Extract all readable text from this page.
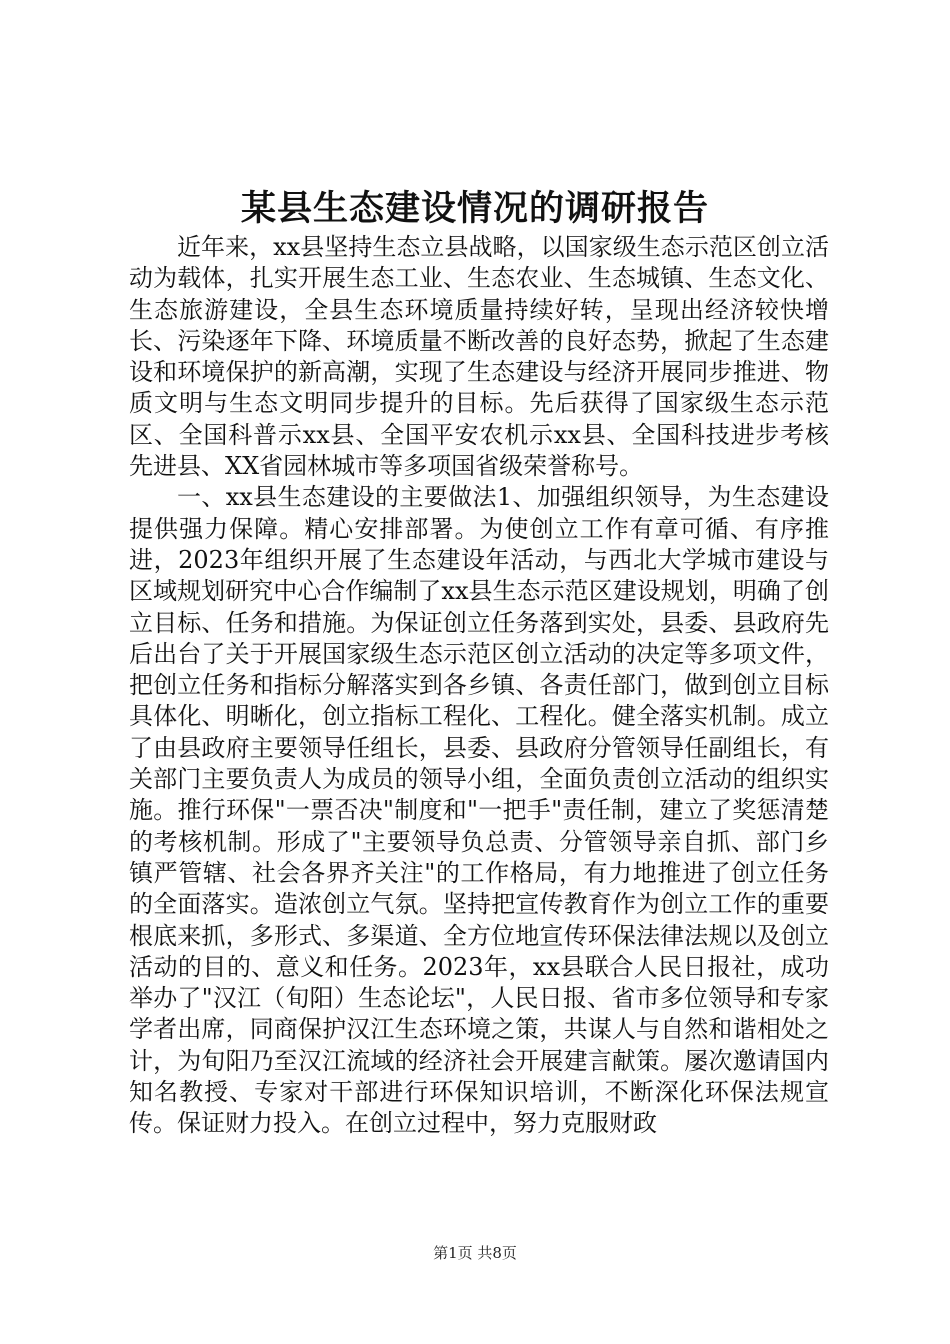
某县生态建设情况的调研报告

近年来，xx县坚持生态立县战略，以国家级生态示范区创立活动为载体，扎实开展生态工业、生态农业、生态城镇、生态文化、生态旅游建设，全县生态环境质量持续好转，呈现出经济较快增长、污染逐年下降、环境质量不断改善的良好态势，掀起了生态建设和环境保护的新高潮，实现了生态建设与经济开展同步推进、物质文明与生态文明同步提升的目标。先后获得了国家级生态示范区、全国科普示xx县、全国平安农机示xx县、全国科技进步考核先进县、XX省园林城市等多项国省级荣誉称号。

一、xx县生态建设的主要做法1、加强组织领导，为生态建设提供强力保障。精心安排部署。为使创立工作有章可循、有序推进，2023年组织开展了生态建设年活动，与西北大学城市建设与区域规划研究中心合作编制了xx县生态示范区建设规划，明确了创立目标、任务和措施。为保证创立任务落到实处，县委、县政府先后出台了关于开展国家级生态示范区创立活动的决定等多项文件，把创立任务和指标分解落实到各乡镇、各责任部门，做到创立目标具体化、明晰化，创立指标工程化、工程化。健全落实机制。成立了由县政府主要领导任组长，县委、县政府分管领导任副组长，有关部门主要负责人为成员的领导小组，全面负责创立活动的组织实施。推行环保"一票否决"制度和"一把手"责任制，建立了奖惩清楚的考核机制。形成了"主要领导负总责、分管领导亲自抓、部门乡镇严管辖、社会各界齐关注"的工作格局，有力地推进了创立任务的全面落实。造浓创立气氛。坚持把宣传教育作为创立工作的重要根底来抓，多形式、多渠道、全方位地宣传环保法律法规以及创立活动的目的、意义和任务。2023年，xx县联合人民日报社，成功举办了"汉江（旬阳）生态论坛"，人民日报、省市多位领导和专家学者出席，同商保护汉江生态环境之策，共谋人与自然和谐相处之计，为旬阳乃至汉江流域的经济社会开展建言献策。屡次邀请国内知名教授、专家对干部进行环保知识培训，不断深化环保法规宣传。保证财力投入。在创立过程中，努力克服财政

第1页 共8页
